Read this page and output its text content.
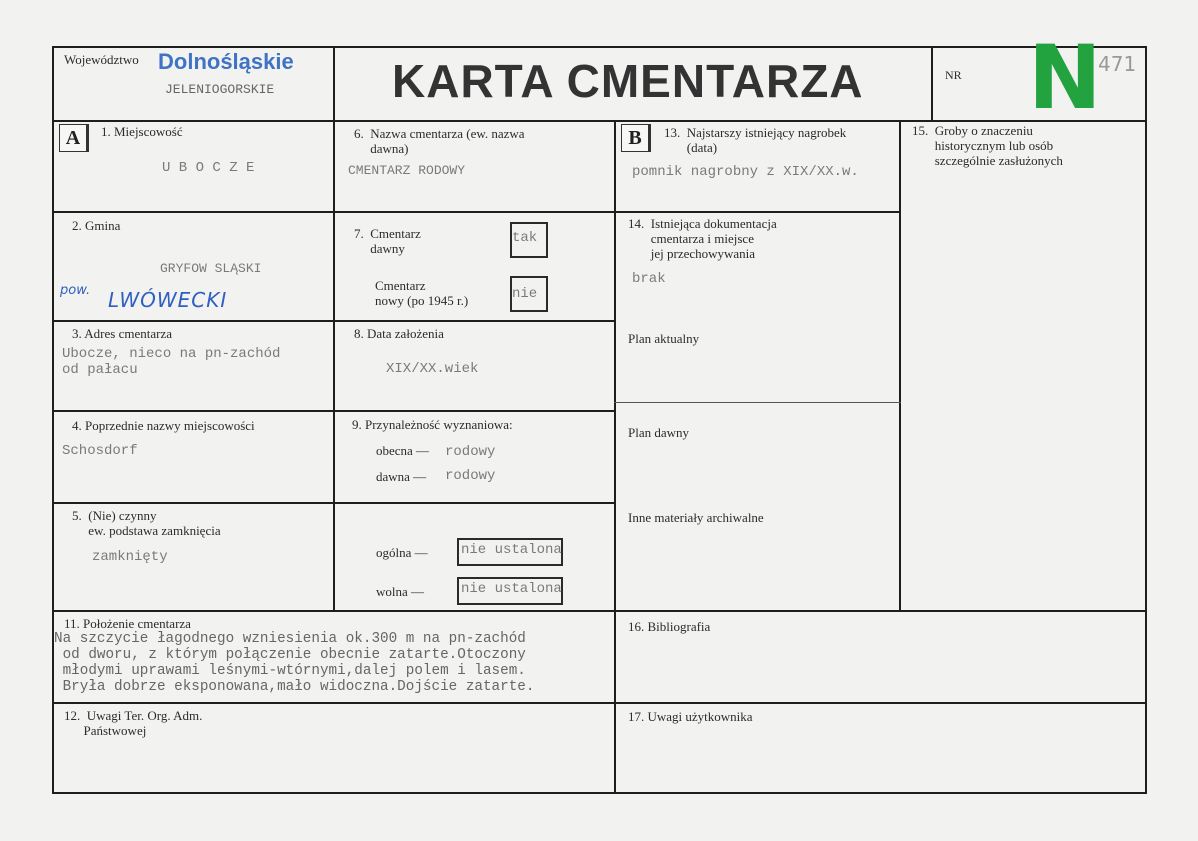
Województwo Dolnośląskie
JELENIOGORSKIE	KARTA CMENTARZA	NR N
471
A	1. Miejscowość
U B O C Z E
2. Gmina
GRYFOW SLĄSKI
pow. LWÓWECKI
3. Adres cmentarza
Ubocze, nieco na pn-zachód
od pałacu
4. Poprzednie nazwy miejscowości
Schosdorf
5.  (Nie) czynny
ew. podstawa zamknięcia
zamknięty
6.  Nazwa cmentarza (ew. nazwa
dawna)
CMENTARZ RODOWY
7.  Cmentarz
dawny
tak
Cmentarz
nowy (po 1945 r.)	nie
8. Data założenia
XIX/XX.wiek
9. Przynależność wyznaniowa:
obecna — rodowy
dawna — rodowy
ogólna — nie ustalona
wolna —	nie ustalona
B	13.  Najstarszy istniejący nagrobek
(data)
pomnik nagrobny z XIX/XX.w.
14.  Istniejąca dokumentacja
cmentarza i miejsce
jej przechowywania
brak
Plan aktualny
Plan dawny
Inne materiały archiwalne
15.  Groby o znaczeniu
historycznym lub osób
szczególnie zasłużonych
11. Położenie cmentarza
Na szczycie łagodnego wzniesienia ok.300 m na pn-zachód
od dworu, z którym połączenie obecnie zatarte.Otoczony
młodymi uprawami leśnymi-wtórnymi,dalej polem i lasem.
Bryła dobrze eksponowana,mało widoczna.Dojście zatarte.
12.  Uwagi Ter. Org. Adm.
Państwowej
16. Bibliografia
17. Uwagi użytkownika
